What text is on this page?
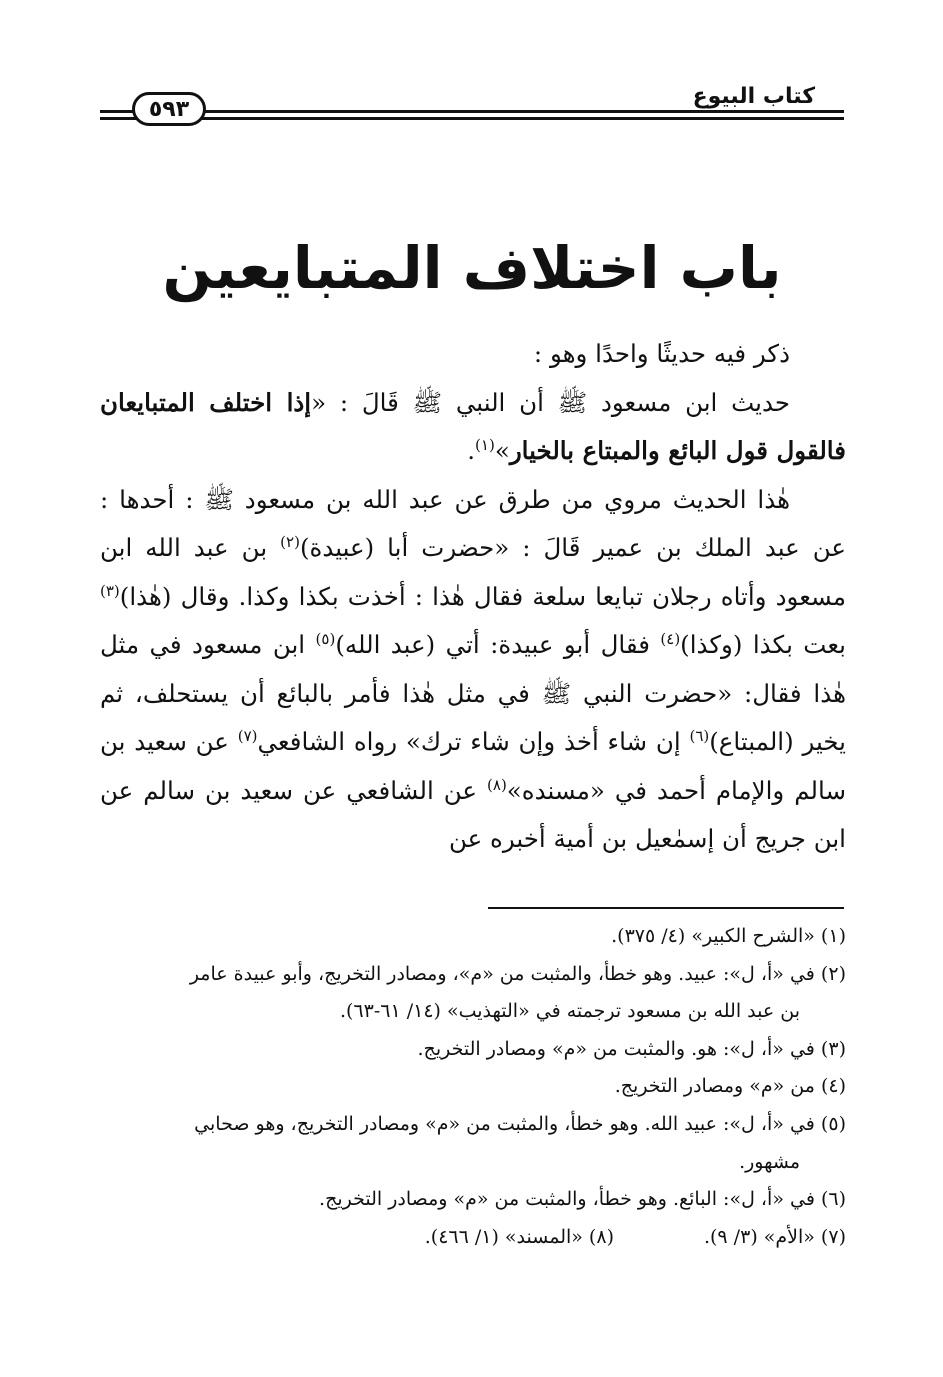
كتاب البيوع
٥٩٣
باب اختلاف المتبايعين

ذكر فيه حديثًا واحدًا وهو :

حديث ابن مسعود ﷺ أن النبي ﷺ قَالَ : «إذا اختلف المتبايعان فالقول قول البائع والمبتاع بالخيار»$^{(١)}$.

هٰذا الحديث مروي من طرق عن عبد الله بن مسعود ﷺ : أحدها : عن عبد الملك بن عمير قَالَ : «حضرت أبا (عبيدة)$^{(٢)}$ بن عبد الله ابن مسعود وأتاه رجلان تبايعا سلعة فقال هٰذا : أخذت بكذا وكذا. وقال (هٰذا)$^{(٣)}$ بعت بكذا (وكذا)$^{(٤)}$ فقال أبو عبيدة: أتي (عبد الله)$^{(٥)}$ ابن مسعود في مثل هٰذا فقال: «حضرت النبي ﷺ في مثل هٰذا فأمر بالبائع أن يستحلف، ثم يخير (المبتاع)$^{(٦)}$ إن شاء أخذ وإن شاء ترك» رواه الشافعي$^{(٧)}$ عن سعيد بن سالم والإمام أحمد في «مسنده»$^{(٨)}$ عن الشافعي عن سعيد بن سالم عن ابن جريج أن إسمٰعيل بن أمية أخبره عن

(١) «الشرح الكبير» (٤/ ٣٧٥).

(٢) في «أ، ل»: عبيد. وهو خطأ، والمثبت من «م»، ومصادر التخريج، وأبو عبيدة عامر
بن عبد الله بن مسعود ترجمته في «التهذيب» (١٤/ ٦١-٦٣).

(٣) في «أ، ل»: هو. والمثبت من «م» ومصادر التخريج.

(٤) من «م» ومصادر التخريج.

(٥) في «أ، ل»: عبيد الله. وهو خطأ، والمثبت من «م» ومصادر التخريج، وهو صحابي
مشهور.

(٦) في «أ، ل»: البائع. وهو خطأ، والمثبت من «م» ومصادر التخريج.

(٧) «الأم» (٣/ ٩).
(٨) «المسند» (١/ ٤٦٦).
